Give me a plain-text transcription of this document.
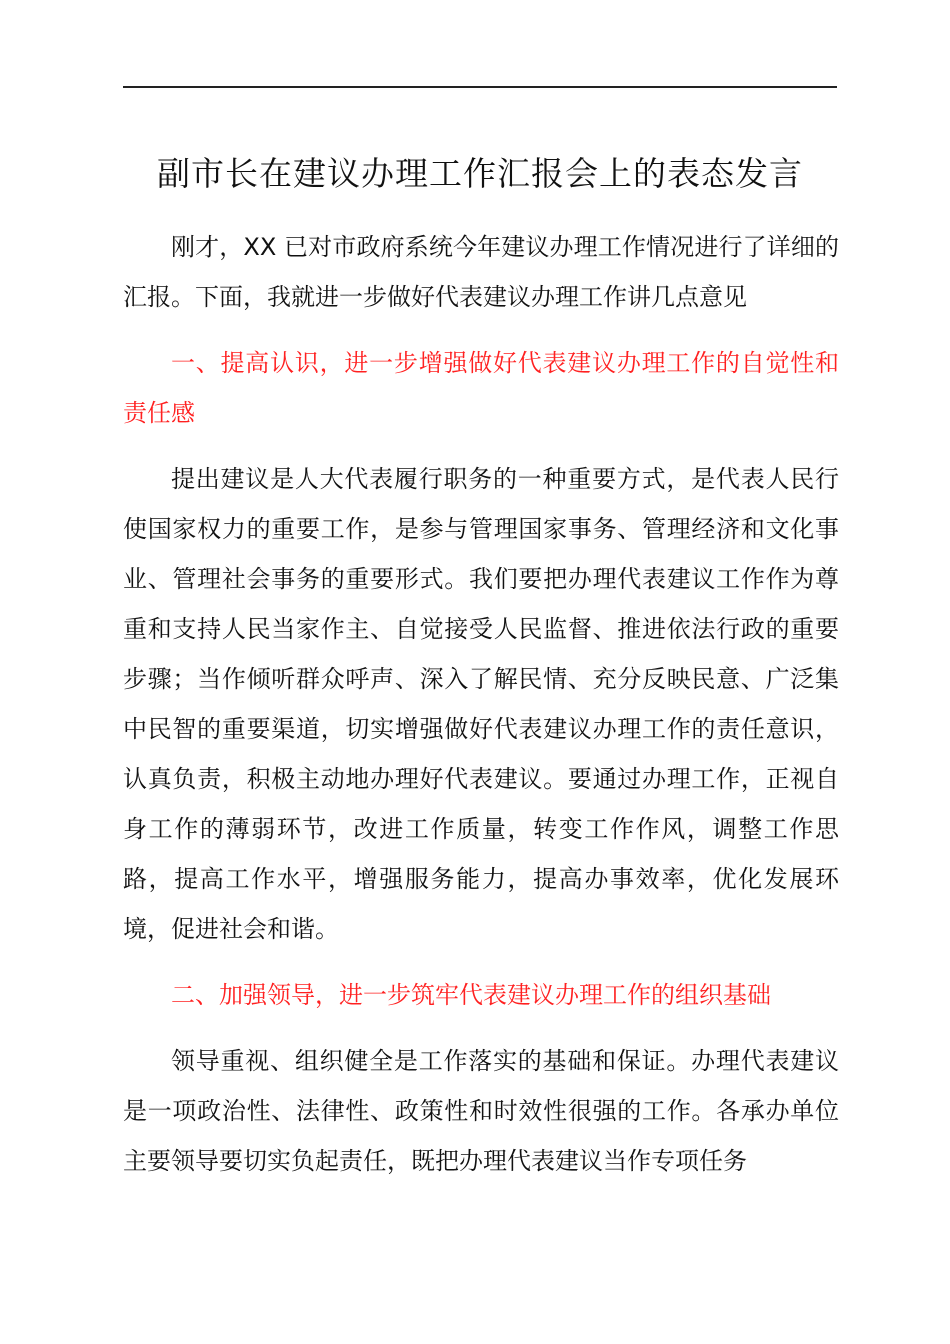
副市长在建议办理工作汇报会上的表态发言

刚才，XX 已对市政府系统今年建议办理工作情况进行了详细的汇报。下面，我就进一步做好代表建议办理工作讲几点意见

一、提高认识，进一步增强做好代表建议办理工作的自觉性和责任感

提出建议是人大代表履行职务的一种重要方式，是代表人民行使国家权力的重要工作，是参与管理国家事务、管理经济和文化事业、管理社会事务的重要形式。我们要把办理代表建议工作作为尊重和支持人民当家作主、自觉接受人民监督、推进依法行政的重要步骤；当作倾听群众呼声、深入了解民情、充分反映民意、广泛集中民智的重要渠道，切实增强做好代表建议办理工作的责任意识，认真负责，积极主动地办理好代表建议。要通过办理工作，正视自身工作的薄弱环节，改进工作质量，转变工作作风，调整工作思路，提高工作水平，增强服务能力，提高办事效率，优化发展环境，促进社会和谐。

二、加强领导，进一步筑牢代表建议办理工作的组织基础

领导重视、组织健全是工作落实的基础和保证。办理代表建议是一项政治性、法律性、政策性和时效性很强的工作。各承办单位主要领导要切实负起责任，既把办理代表建议当作专项任务
